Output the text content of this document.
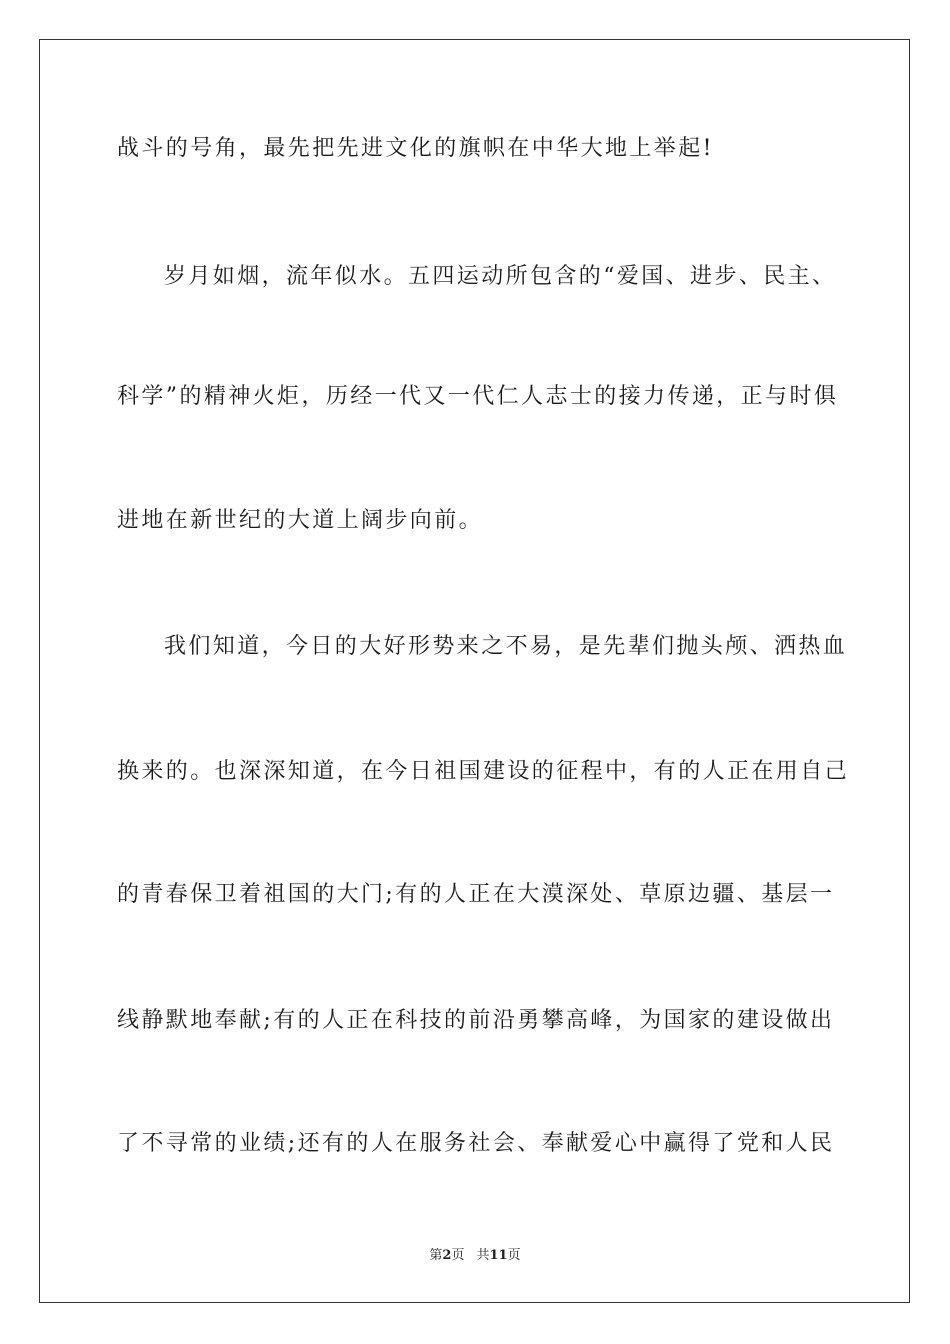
战斗的号角，最先把先进文化的旗帜在中华大地上举起!
岁月如烟，流年似水。五四运动所包含的“爱国、进步、民主、
科学”的精神火炬，历经一代又一代仁人志士的接力传递，正与时俱
进地在新世纪的大道上阔步向前。
我们知道，今日的大好形势来之不易，是先辈们抛头颅、洒热血
换来的。也深深知道，在今日祖国建设的征程中，有的人正在用自己
的青春保卫着祖国的大门;有的人正在大漠深处、草原边疆、基层一
线静默地奉献;有的人正在科技的前沿勇攀高峰，为国家的建设做出
了不寻常的业绩;还有的人在服务社会、奉献爱心中赢得了党和人民
第2页 共11页
